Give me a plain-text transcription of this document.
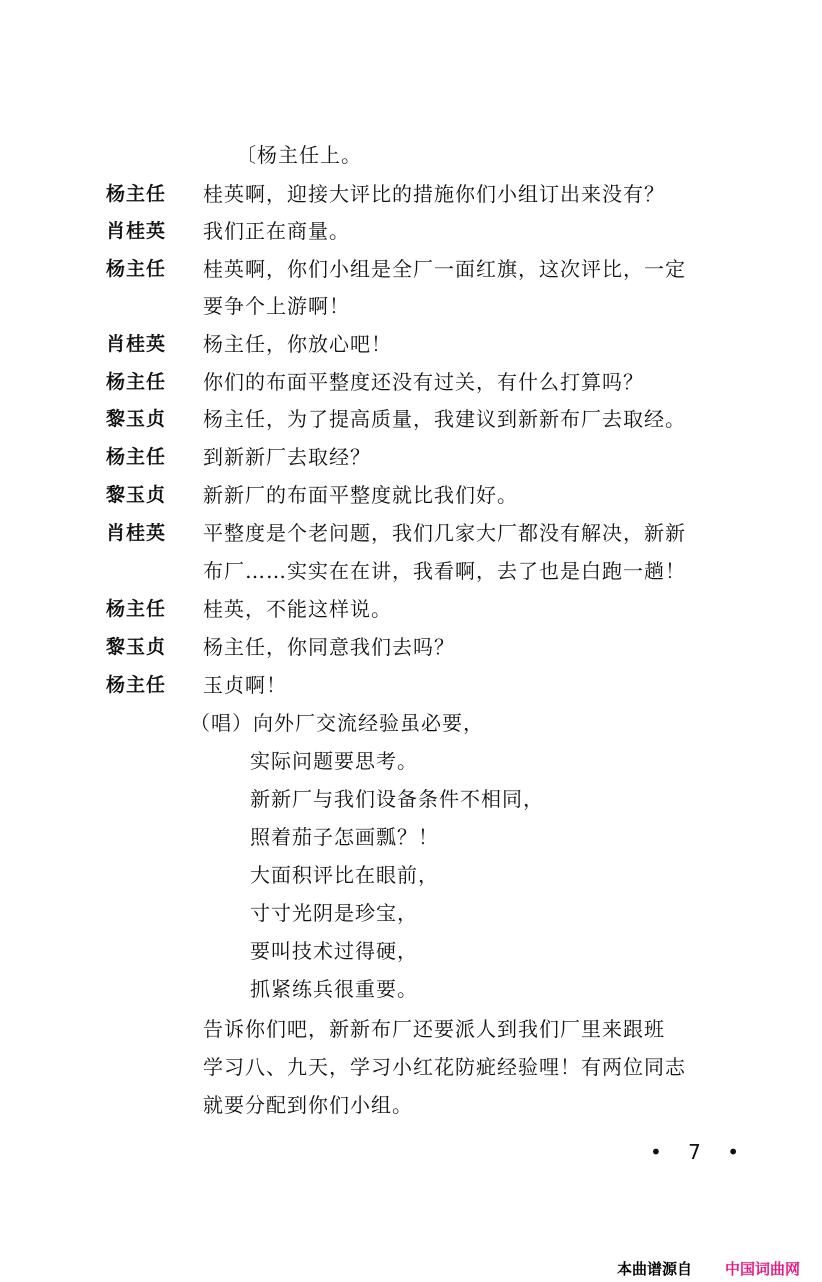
〔杨主任上。
杨主任 桂英啊，迎接大评比的措施你们小组订出来没有？
肖桂英 我们正在商量。
杨主任 桂英啊，你们小组是全厂一面红旗，这次评比，一定
要争个上游啊！
肖桂英 杨主任，你放心吧！
杨主任 你们的布面平整度还没有过关，有什么打算吗？
黎玉贞 杨主任，为了提高质量，我建议到新新布厂去取经。
杨主任 到新新厂去取经？
黎玉贞 新新厂的布面平整度就比我们好。
肖桂英 平整度是个老问题，我们几家大厂都没有解决，新新
布厂……实实在在讲，我看啊，去了也是白跑一趟！
杨主任 桂英，不能这样说。
黎玉贞 杨主任，你同意我们去吗？
杨主任 玉贞啊！
（唱）向外厂交流经验虽必要，
实际问题要思考。
新新厂与我们设备条件不相同，
照着茄子怎画瓢？！
大面积评比在眼前，
寸寸光阴是珍宝，
要叫技术过得硬，
抓紧练兵很重要。
告诉你们吧，新新布厂还要派人到我们厂里来跟班
学习八、九天，学习小红花防疵经验哩！有两位同志
就要分配到你们小组。
• 7 •
本曲谱源自 中国词曲网
